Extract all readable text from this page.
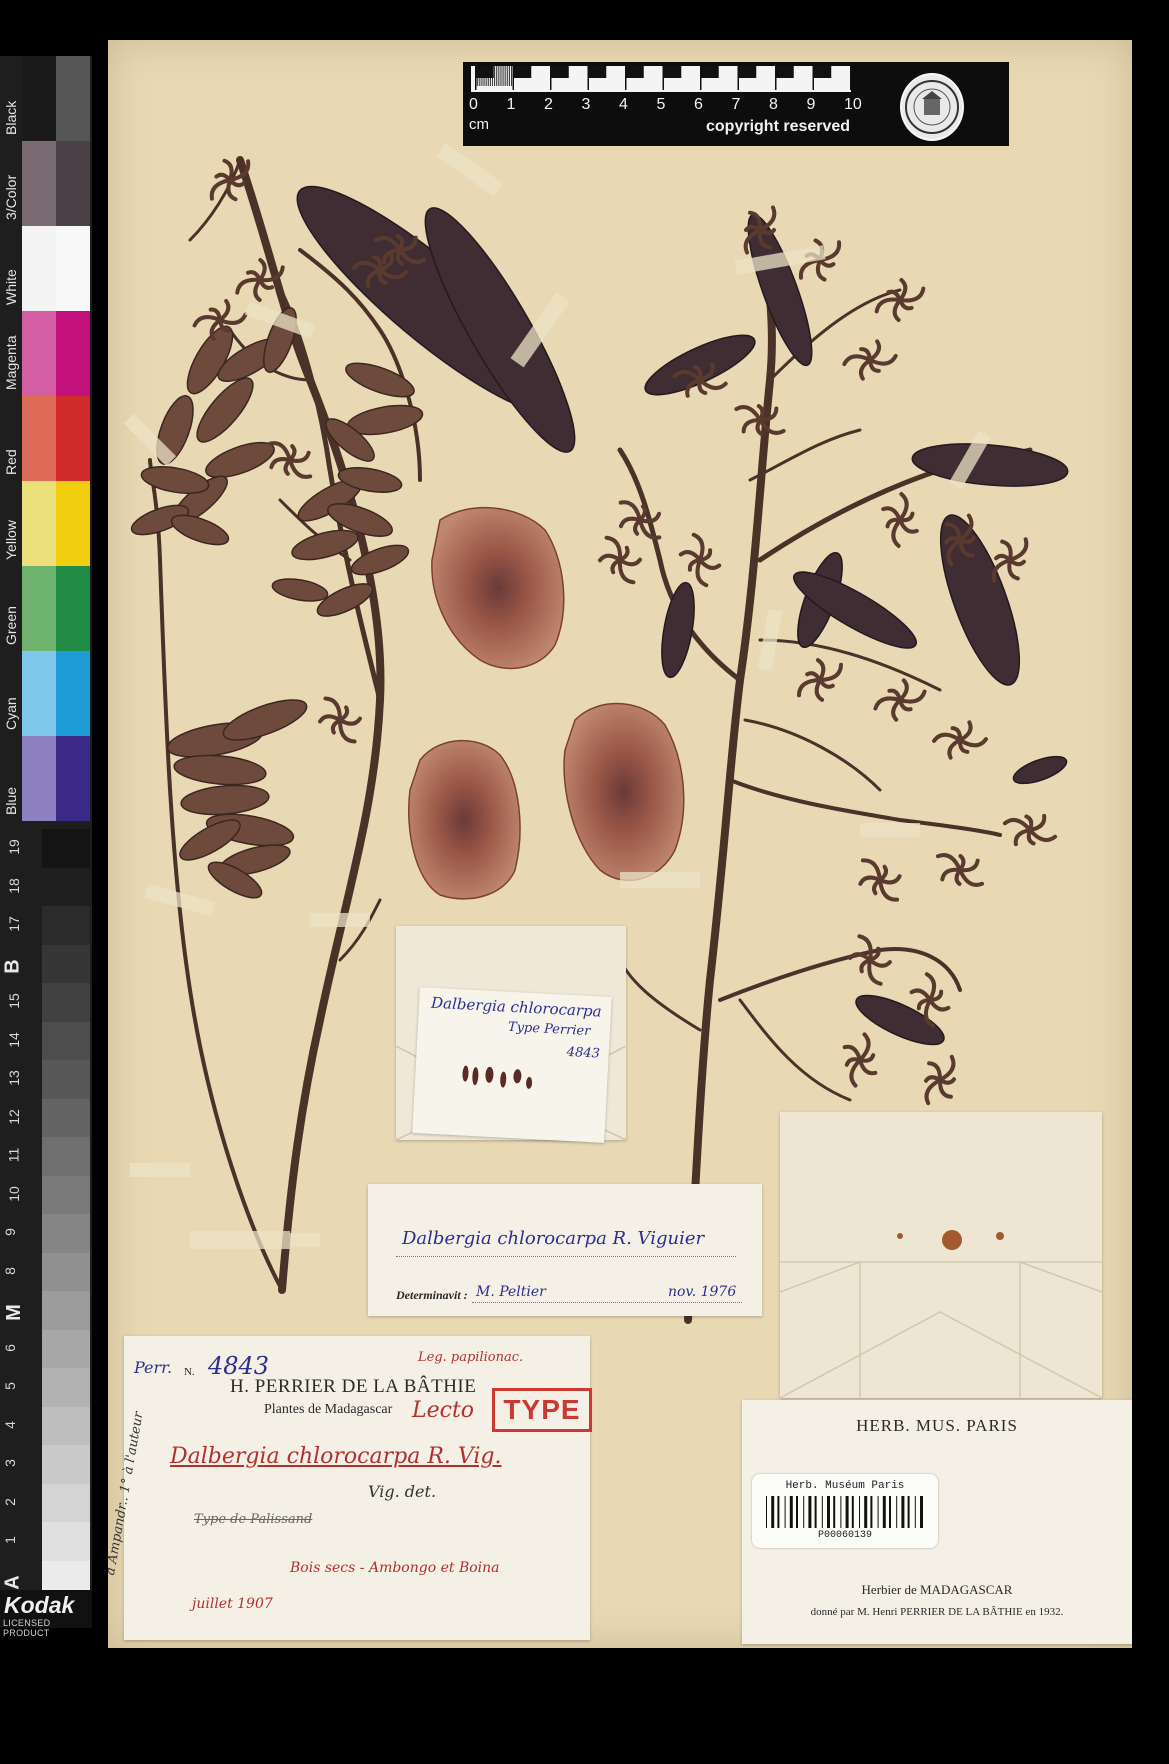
Black
3/Color
White
Magenta
Red
Yellow
Green
Cyan
Blue
19
18
17
B
15
14
13
12
11
10
9
8
M
6
5
4
3
2
1
A
Kodak
LICENSED PRODUCT
0 1 2 3 4 5 6 7 8 9 10
cm	copyright reserved
Dalbergia chlorocarpa
Type Perrier
4843
Dalbergia chlorocarpa R. Viguier
Determinavit : M. Peltier	nov. 1976
Perr. N. 4843	Leg. papilionac.
H. PERRIER DE LA BÂTHIE
Plantes de Madagascar Lecto
Dalbergia chlorocarpa R. Vig.
Vig. det.
Type de Palissand
Bois secs - Ambongo et Boina
juillet 1907
à Ampandr.. 1° à l'auteur
TYPE
HERB. MUS. PARIS
Herb. Muséum Paris
P00060139
Herbier de MADAGASCAR
donné par M. Henri PERRIER DE LA BÂTHIE en 1932.
